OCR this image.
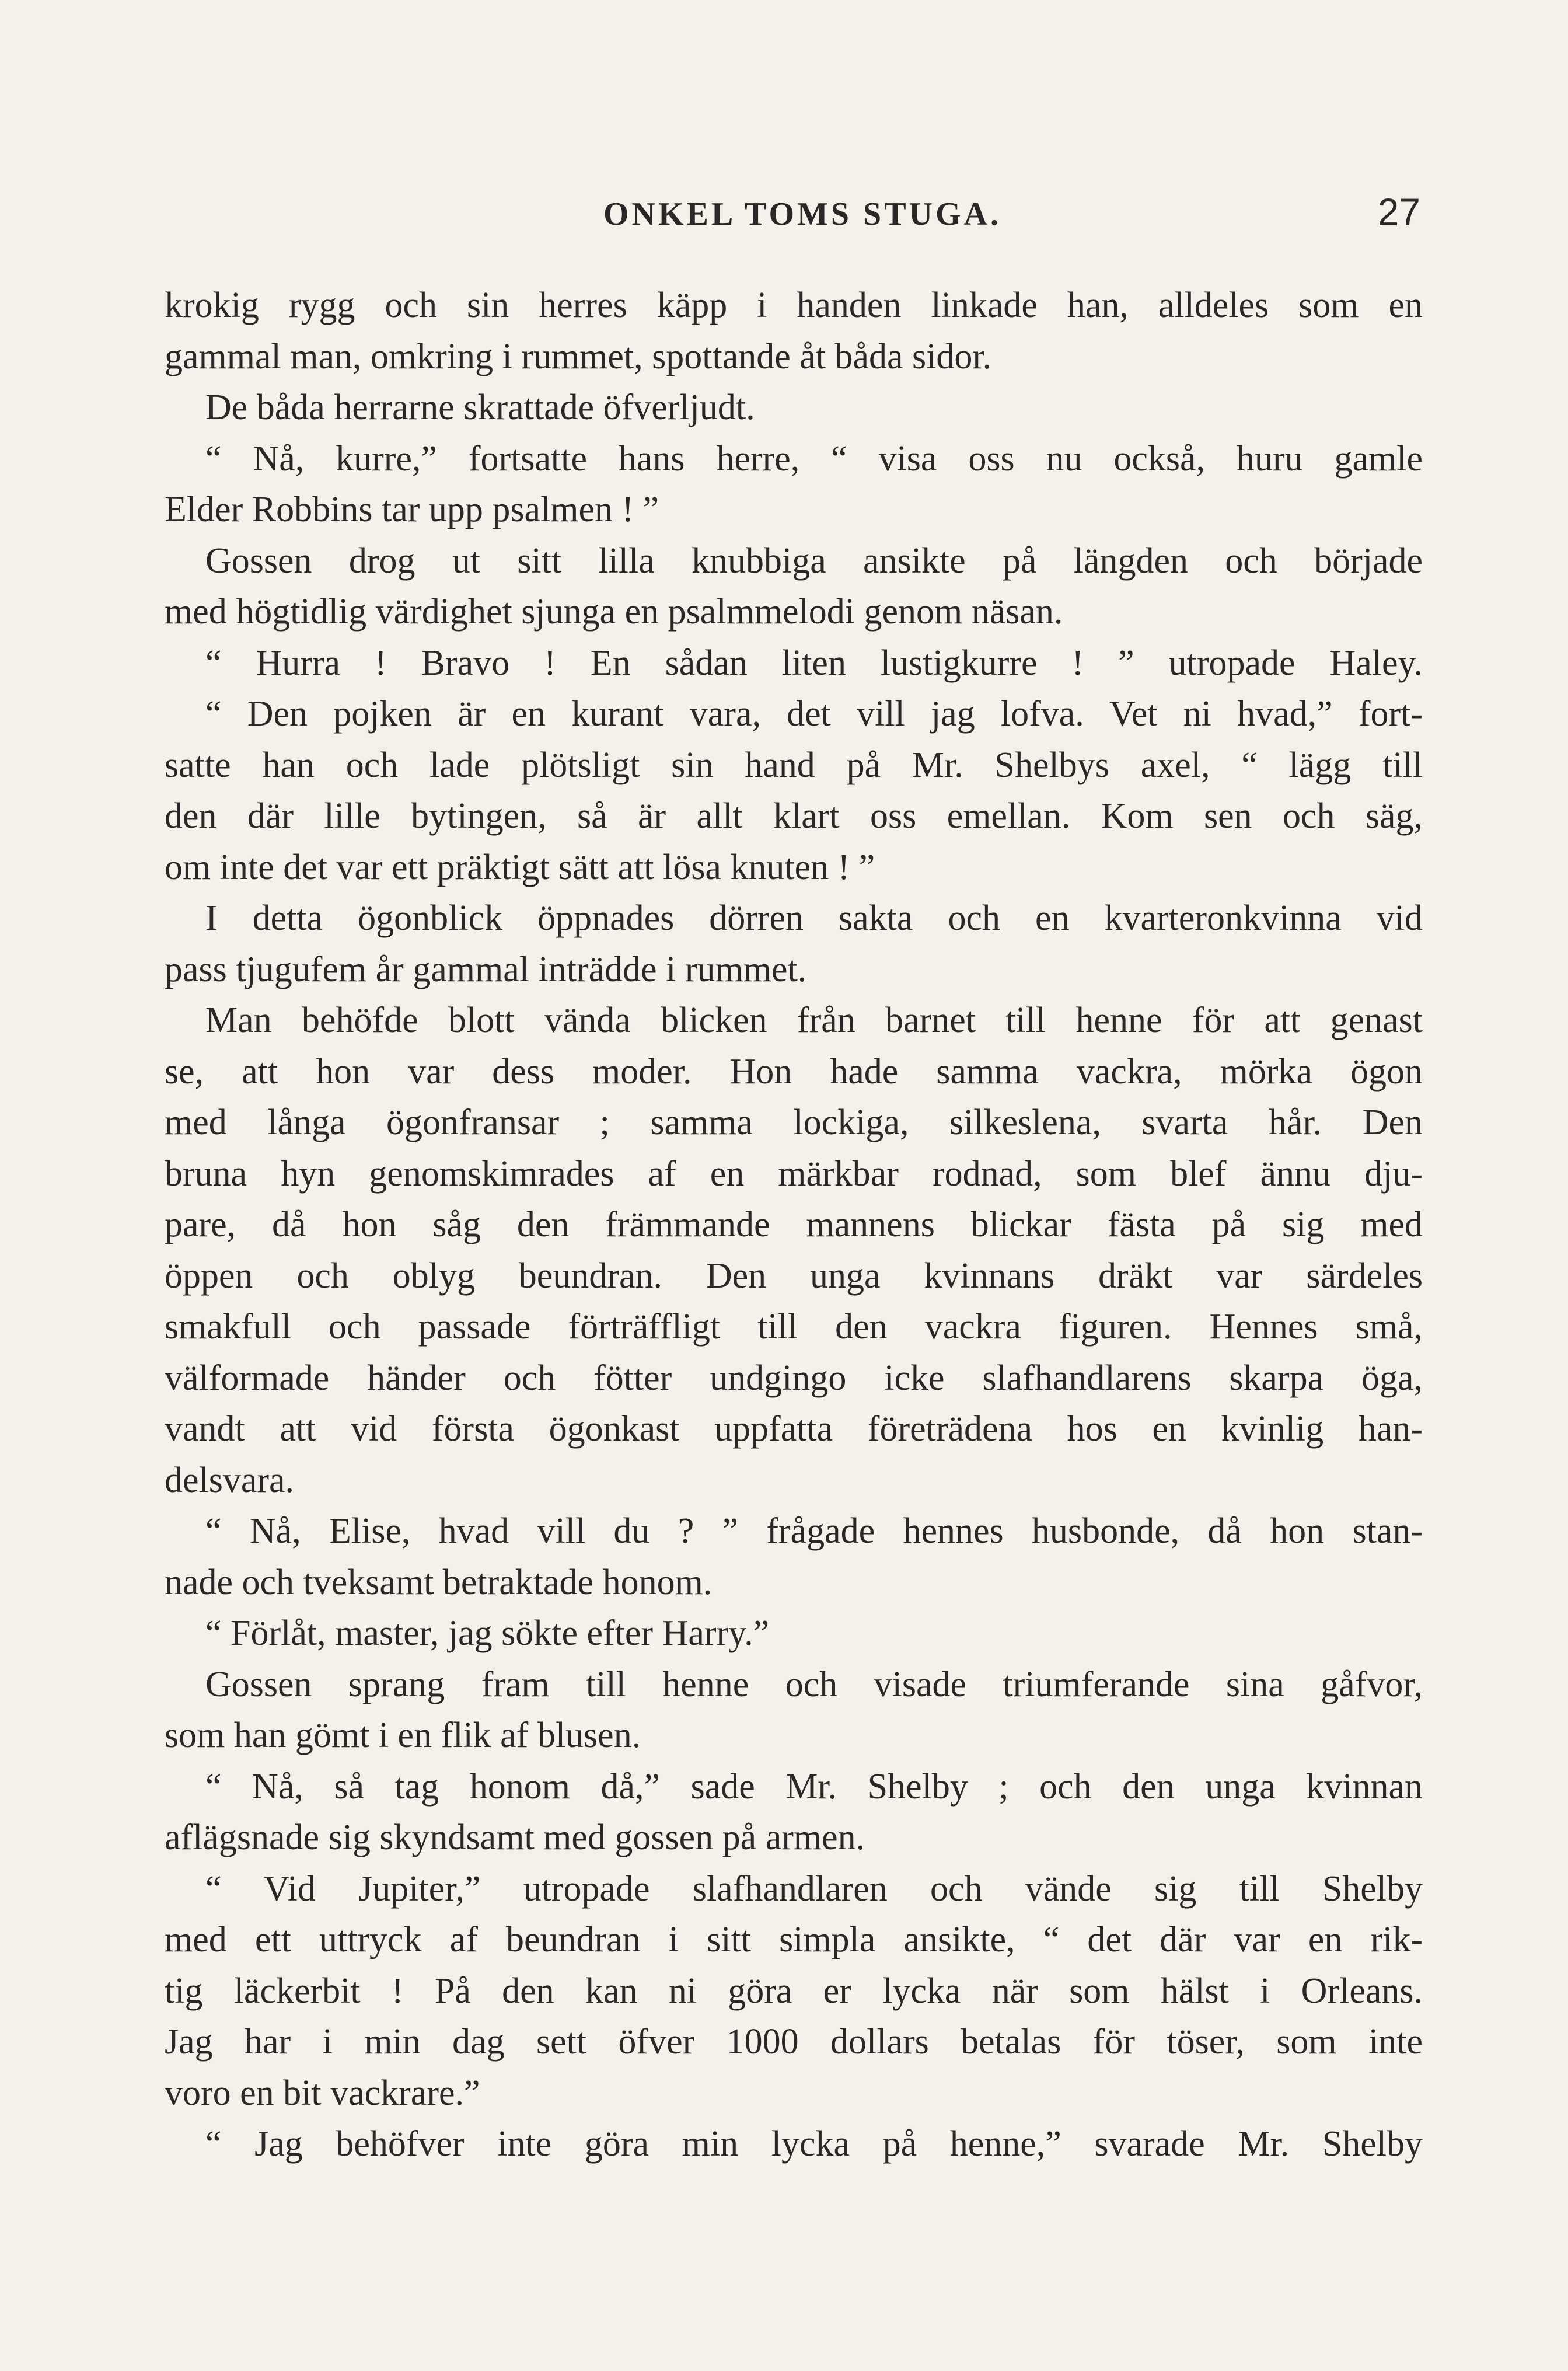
ONKEL TOMS STUGA.	27
krokig rygg och sin herres käpp i handen linkade han, alldeles som en
gammal man, omkring i rummet, spottande åt båda sidor.
De båda herrarne skrattade öfverljudt.
“ Nå, kurre,” fortsatte hans herre, “ visa oss nu också, huru gamle
Elder Robbins tar upp psalmen ! ”
Gossen drog ut sitt lilla knubbiga ansikte på längden och började
med högtidlig värdighet sjunga en psalmmelodi genom näsan.
“ Hurra ! Bravo ! En sådan liten lustigkurre ! ” utropade Haley.
“ Den pojken är en kurant vara, det vill jag lofva. Vet ni hvad,” fort-
satte han och lade plötsligt sin hand på Mr. Shelbys axel, “ lägg till
den där lille bytingen, så är allt klart oss emellan. Kom sen och säg,
om inte det var ett präktigt sätt att lösa knuten ! ”
I detta ögonblick öppnades dörren sakta och en kvarteronkvinna vid
pass tjugufem år gammal inträdde i rummet.
Man behöfde blott vända blicken från barnet till henne för att genast
se, att hon var dess moder. Hon hade samma vackra, mörka ögon
med långa ögonfransar ; samma lockiga, silkeslena, svarta hår. Den
bruna hyn genomskimrades af en märkbar rodnad, som blef ännu dju-
pare, då hon såg den främmande mannens blickar fästa på sig med
öppen och oblyg beundran. Den unga kvinnans dräkt var särdeles
smakfull och passade förträffligt till den vackra figuren. Hennes små,
välformade händer och fötter undgingo icke slafhandlarens skarpa öga,
vandt att vid första ögonkast uppfatta företrädena hos en kvinlig han-
delsvara.
“ Nå, Elise, hvad vill du ? ” frågade hennes husbonde, då hon stan-
nade och tveksamt betraktade honom.
“ Förlåt, master, jag sökte efter Harry.”
Gossen sprang fram till henne och visade triumferande sina gåfvor,
som han gömt i en flik af blusen.
“ Nå, så tag honom då,” sade Mr. Shelby ; och den unga kvinnan
aflägsnade sig skyndsamt med gossen på armen.
“ Vid Jupiter,” utropade slafhandlaren och vände sig till Shelby
med ett uttryck af beundran i sitt simpla ansikte, “ det där var en rik-
tig läckerbit ! På den kan ni göra er lycka när som hälst i Orleans.
Jag har i min dag sett öfver 1000 dollars betalas för töser, som inte
voro en bit vackrare.”
“ Jag behöfver inte göra min lycka på henne,” svarade Mr. Shelby
